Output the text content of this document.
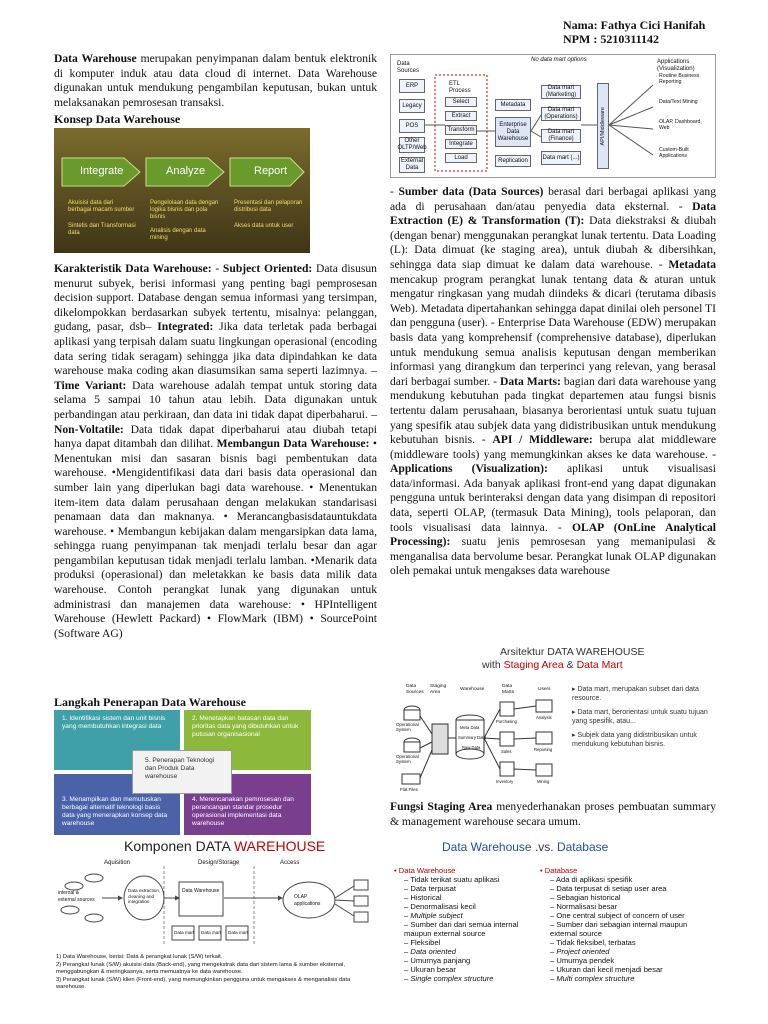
Nama: Fathya Cici Hanifah
NPM : 5210311142
Data Warehouse merupakan penyimpanan dalam bentuk elektronik di komputer induk atau data cloud di internet. Data Warehouse digunakan untuk mendukung pengambilan keputusan, bukan untuk melaksanakan pemrosesan transaksi.
Konsep Data Warehouse
Integrate	Analyze	Report
Akuisisi data dari berbagai macam sumber
Sintetis dan Transformasi data
Pengelolaan data dengan logika bisnis dan pola bisnis
Analisis dengan data mining
Presentasi dan pelaporan distribusi data
Akses data untuk user
Karakteristik Data Warehouse: - Subject Oriented: Data disusun menurut subyek, berisi informasi yang penting bagi pemprosesan decision support. Database dengan semua informasi yang tersimpan, dikelompokkan berdasarkan subyek tertentu, misalnya: pelanggan, gudang, pasar, dsb– Integrated: Jika data terletak pada berbagai aplikasi yang terpisah dalam suatu lingkungan operasional (encoding data sering tidak seragam) sehingga jika data dipindahkan ke data warehouse maka coding akan diasumsikan sama seperti lazimnya. – Time Variant: Data warehouse adalah tempat untuk storing data selama 5 sampai 10 tahun atau lebih. Data digunakan untuk perbandingan atau perkiraan, dan data ini tidak dapat diperbaharui. – Non-Voltatile: Data tidak dapat diperbaharui atau diubah tetapi hanya dapat ditambah dan dilihat. Membangun Data Warehouse: • Menentukan misi dan sasaran bisnis bagi pembentukan data warehouse. •Mengidentifikasi data dari basis data operasional dan sumber lain yang diperlukan bagi data warehouse. • Menentukan item-item data dalam perusahaan dengan melakukan standarisasi penamaan data dan maknanya. • Merancangbasisdatauntukdata warehouse. • Membangun kebijakan dalam mengarsipkan data lama, sehingga ruang penyimpanan tak menjadi terlalu besar dan agar pengambilan keputusan tidak menjadi terlalu lamban. •Menarik data produksi (operasional) dan meletakkan ke basis data milik data warehouse. Contoh perangkat lunak yang digunakan untuk administrasi dan manajemen data warehouse: • HPIntelligent Warehouse (Hewlett Packard) • FlowMark (IBM) • SourcePoint (Software AG)
Langkah Penerapan Data Warehouse
1. Identifikasi sistem dan unit bisnis yang membutuhkan integrasi data
2. Menetapkan batasan data dan prioritas data yang dibutuhkan untuk putusan organisasional
3. Menampilkan dan memutuskan berbagai alternatif teknologi basis data yang menerapkan konsep data warehouse
4. Merencanakan pemrosesan dan perancangan standar prosedur operasional implementasi data warehouse
5. Penerapan Teknologi dan Produk Data warehouse
Komponen DATA WAREHOUSE
Aquisition	Design/Storage	Access
internal & external sources
Data extraction, cleaning and integration
Data Warehouse
Data mart Data mart Data mart
OLAP applications
1) Data Warehouse, berisi: Data & perangkat lunak (S/W) terkait.
2) Perangkat lunak (S/W) akuisisi data (Back-end), yang mengekstrak data dari sistem lama & sumber eksternal, menggabungkan & meringkasnya, serta memuatnya ke data warehouse.
3) Perangkat lunak (S/W) klien (Front-end), yang memungkinkan pengguna untuk mengakses & menganalisis data warehouse.
No data mart options
Data Sources
ERP
Legacy
POS
Other OLTP/Web
External Data
ETL Process
Select
Extract
Transform
Integrate
Load
Metadata
Enterprise Data Warehouse
Replication
Data mart (Marketing)
Data mart (Operations)
Data mart (Finance)
Data mart (...)
API/Middleware
Applications (Visualization)
Routine Business Reporting
Data/Text Mining
OLAP, Dashboard, Web
Custom-Built Applications
- Sumber data (Data Sources) berasal dari berbagai aplikasi yang ada di perusahaan dan/atau penyedia data eksternal. - Data Extraction (E) & Transformation (T): Data diekstraksi & diubah (dengan benar) menggunakan perangkat lunak tertentu. Data Loading (L): Data dimuat (ke staging area), untuk diubah & dibersihkan, sehingga data siap dimuat ke dalam data warehouse. - Metadata mencakup program perangkat lunak tentang data & aturan untuk mengatur ringkasan yang mudah diindeks & dicari (terutama dibasis Web). Metadata dipertahankan sehingga dapat dinilai oleh personel TI dan pengguna (user). - Enterprise Data Warehouse (EDW) merupakan basis data yang komprehensif (comprehensive database), diperlukan untuk mendukung semua analisis keputusan dengan memberikan informasi yang dirangkum dan terperinci yang relevan, yang berasal dari berbagai sumber. - Data Marts: bagian dari data warehouse yang mendukung kebutuhan pada tingkat departemen atau fungsi bisnis tertentu dalam perusahaan, biasanya berorientasi untuk suatu tujuan yang spesifik atau subjek data yang didistribusikan untuk mendukung kebutuhan bisnis. - API / Middleware: berupa alat middleware (middleware tools) yang memungkinkan akses ke data warehouse. - Applications (Visualization): aplikasi untuk visualisasi data/informasi. Ada banyak aplikasi front-end yang dapat digunakan pengguna untuk berinteraksi dengan data yang disimpan di repositori data, seperti OLAP, (termasuk Data Mining), tools pelaporan, dan tools visualisasi data lainnya. - OLAP (OnLine Analytical Processing): suatu jenis pemrosesan yang memanipulasi & menganalisa data bervolume besar. Perangkat lunak OLAP digunakan oleh pemakai untuk mengakses data warehouse
Arsitektur DATA WAREHOUSE
with Staging Area & Data Mart
Data Sources
Staging Area	Warehouse
Data Marts	Users
Operational System
Operational System
Flat Files
Meta Data
Summary Data
Raw Data
Purchasing
Sales
Inventory
Analysis
Reporting
Mining
▸ Data mart, merupakan subset dari data resource.
▸ Data mart, berorientasi untuk suatu tujuan yang spesifik, atau...
▸ Subjek data yang didistribusikan untuk mendukung kebutuhan bisnis.
Fungsi Staging Area menyederhanakan proses pembuatan summary & management warehouse secara umum.
Data Warehouse .vs. Database
• Data Warehouse
– Tidak terikat suatu aplikasi
– Data terpusat
– Historical
– Denormalisasi kecil
– Multiple subject
– Sumber dari dari semua internal maupun external source
– Fleksibel
– Data oriented
– Umurnya panjang
– Ukuran besar
– Single complex structure
• Database
– Ada di aplikasi spesifik
– Data terpusat di setiap user area
– Sebagian historical
– Normalisasi besar
– One central subject of concern of user
– Sumber dari sebagian internal maupun external source
– Tidak fleksibel, terbatas
– Project oriented
– Umurnya pendek
– Ukuran dari kecil menjadi besar
– Multi complex structure
